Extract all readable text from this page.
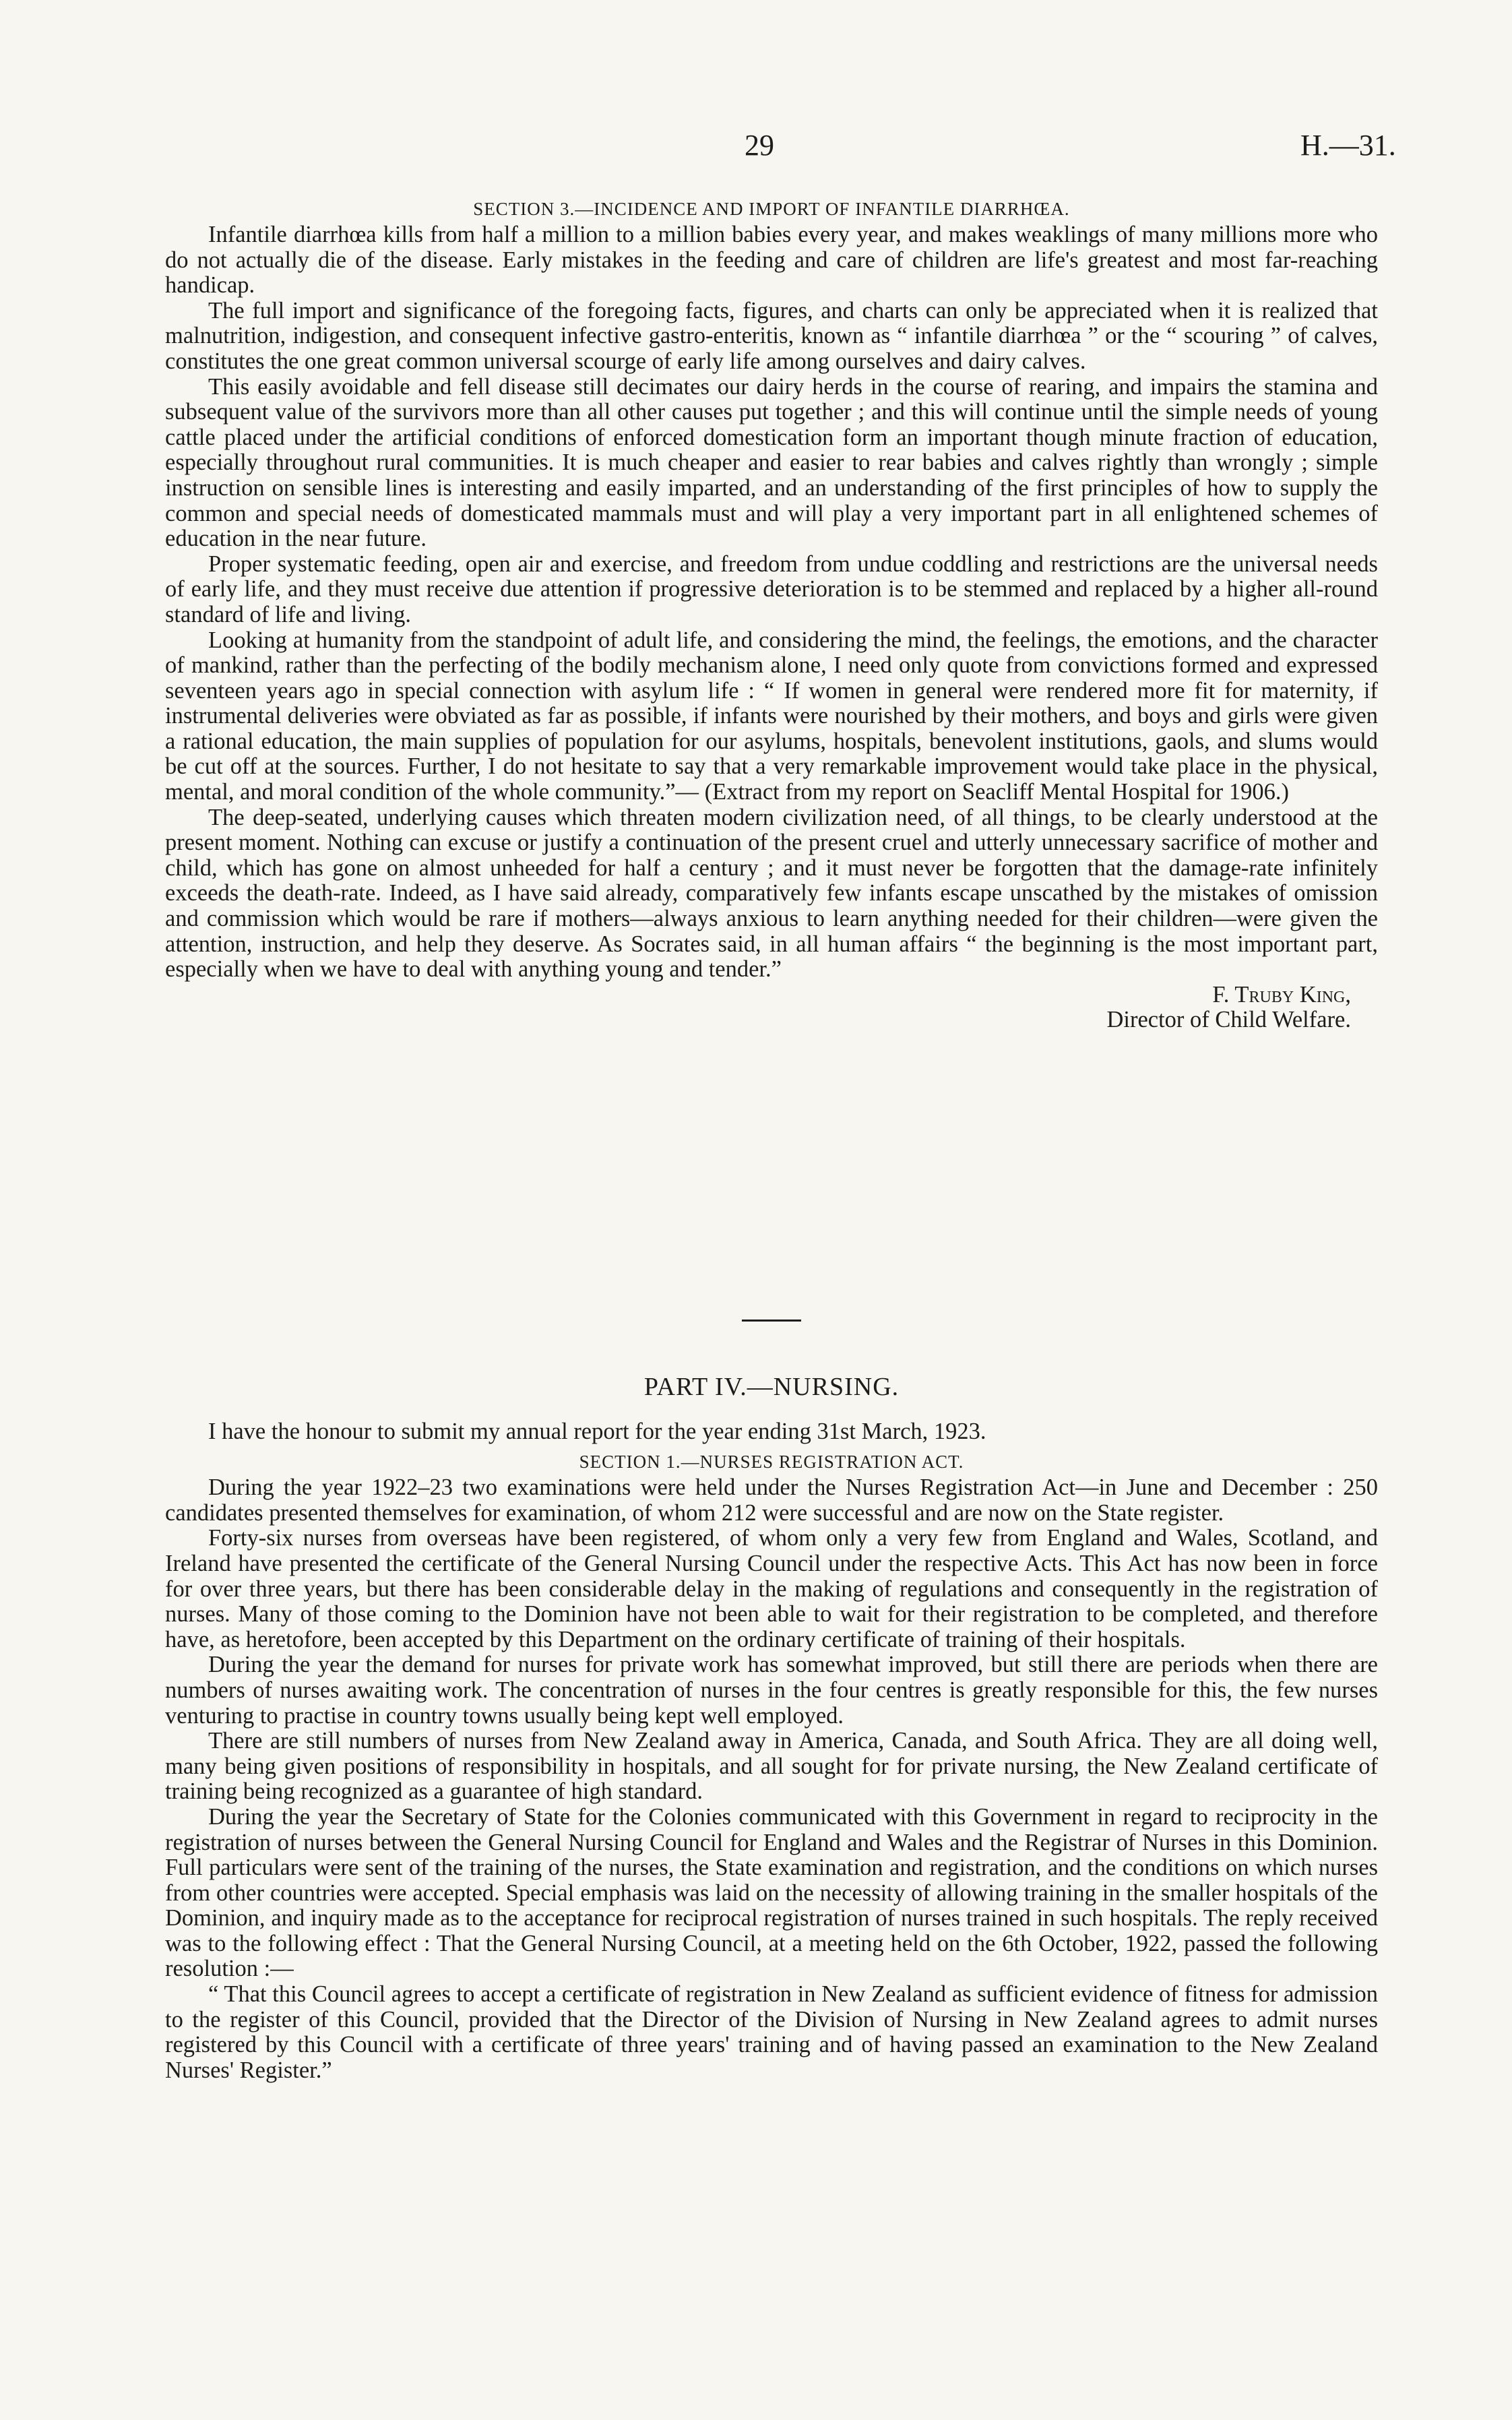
29	H.—31.
SECTION 3.—INCIDENCE AND IMPORT OF INFANTILE DIARRHŒA.

Infantile diarrhœa kills from half a million to a million babies every year, and makes weaklings of many millions more who do not actually die of the disease. Early mistakes in the feeding and care of children are life's greatest and most far-reaching handicap.

The full import and significance of the foregoing facts, figures, and charts can only be appreciated when it is realized that malnutrition, indigestion, and consequent infective gastro-enteritis, known as “ infantile diarrhœa ” or the “ scouring ” of calves, constitutes the one great common universal scourge of early life among ourselves and dairy calves.

This easily avoidable and fell disease still decimates our dairy herds in the course of rearing, and impairs the stamina and subsequent value of the survivors more than all other causes put together ; and this will continue until the simple needs of young cattle placed under the artificial conditions of enforced domestication form an important though minute fraction of education, especially throughout rural communities. It is much cheaper and easier to rear babies and calves rightly than wrongly ; simple instruction on sensible lines is interesting and easily imparted, and an understanding of the first principles of how to supply the common and special needs of domesticated mammals must and will play a very important part in all enlightened schemes of education in the near future.

Proper systematic feeding, open air and exercise, and freedom from undue coddling and restrictions are the universal needs of early life, and they must receive due attention if progressive deterioration is to be stemmed and replaced by a higher all-round standard of life and living.

Looking at humanity from the standpoint of adult life, and considering the mind, the feelings, the emotions, and the character of mankind, rather than the perfecting of the bodily mechanism alone, I need only quote from convictions formed and expressed seventeen years ago in special connection with asylum life : “ If women in general were rendered more fit for maternity, if instrumental deliveries were obviated as far as possible, if infants were nourished by their mothers, and boys and girls were given a rational education, the main supplies of population for our asylums, hospitals, benevolent institutions, gaols, and slums would be cut off at the sources. Further, I do not hesitate to say that a very remarkable improvement would take place in the physical, mental, and moral condition of the whole community.”— (Extract from my report on Seacliff Mental Hospital for 1906.)

The deep-seated, underlying causes which threaten modern civilization need, of all things, to be clearly understood at the present moment. Nothing can excuse or justify a continuation of the present cruel and utterly unnecessary sacrifice of mother and child, which has gone on almost unheeded for half a century ; and it must never be forgotten that the damage-rate infinitely exceeds the death-rate. Indeed, as I have said already, comparatively few infants escape unscathed by the mistakes of omission and commission which would be rare if mothers—always anxious to learn anything needed for their children—were given the attention, instruction, and help they deserve. As Socrates said, in all human affairs “ the beginning is the most important part, especially when we have to deal with anything young and tender.”

F. Truby King,
Director of Child Welfare.
PART IV.—NURSING.

I have the honour to submit my annual report for the year ending 31st March, 1923.

SECTION 1.—NURSES REGISTRATION ACT.

During the year 1922–23 two examinations were held under the Nurses Registration Act—in June and December : 250 candidates presented themselves for examination, of whom 212 were successful and are now on the State register.

Forty-six nurses from overseas have been registered, of whom only a very few from England and Wales, Scotland, and Ireland have presented the certificate of the General Nursing Council under the respective Acts. This Act has now been in force for over three years, but there has been considerable delay in the making of regulations and consequently in the registration of nurses. Many of those coming to the Dominion have not been able to wait for their registration to be completed, and therefore have, as heretofore, been accepted by this Department on the ordinary certificate of training of their hospitals.

During the year the demand for nurses for private work has somewhat improved, but still there are periods when there are numbers of nurses awaiting work. The concentration of nurses in the four centres is greatly responsible for this, the few nurses venturing to practise in country towns usually being kept well employed.

There are still numbers of nurses from New Zealand away in America, Canada, and South Africa. They are all doing well, many being given positions of responsibility in hospitals, and all sought for for private nursing, the New Zealand certificate of training being recognized as a guarantee of high standard.

During the year the Secretary of State for the Colonies communicated with this Government in regard to reciprocity in the registration of nurses between the General Nursing Council for England and Wales and the Registrar of Nurses in this Dominion. Full particulars were sent of the training of the nurses, the State examination and registration, and the conditions on which nurses from other countries were accepted. Special emphasis was laid on the necessity of allowing training in the smaller hospitals of the Dominion, and inquiry made as to the acceptance for reciprocal registration of nurses trained in such hospitals. The reply received was to the following effect : That the General Nursing Council, at a meeting held on the 6th October, 1922, passed the following resolution :—

“ That this Council agrees to accept a certificate of registration in New Zealand as sufficient evidence of fitness for admission to the register of this Council, provided that the Director of the Division of Nursing in New Zealand agrees to admit nurses registered by this Council with a certificate of three years' training and of having passed an examination to the New Zealand Nurses' Register.”
